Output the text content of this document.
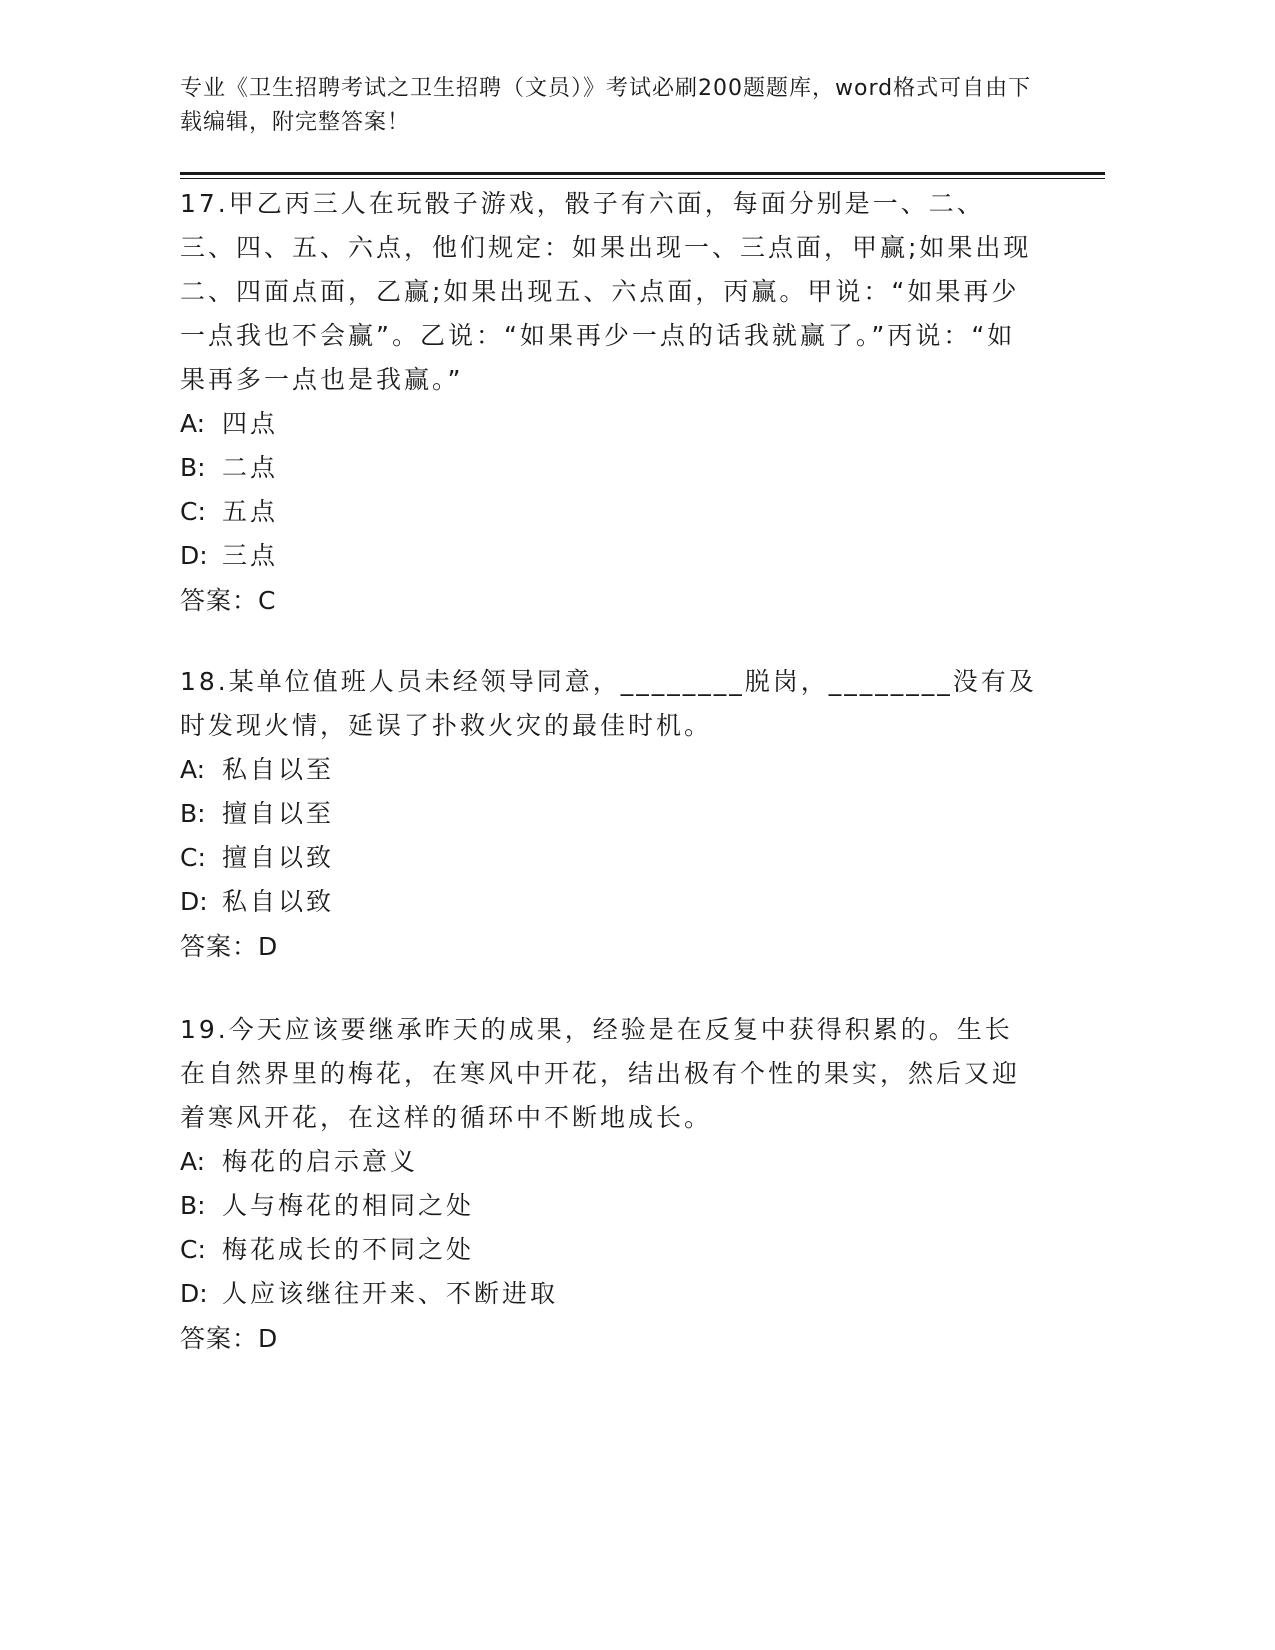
专业《卫生招聘考试之卫生招聘（文员）》考试必刷200题题库，word格式可自由下载编辑，附完整答案！
17.甲乙丙三人在玩骰子游戏，骰子有六面，每面分别是一、二、三、四、五、六点，他们规定：如果出现一、三点面，甲赢;如果出现二、四面点面，乙赢;如果出现五、六点面，丙赢。甲说：“如果再少一点我也不会赢”。乙说：“如果再少一点的话我就赢了。”丙说：“如果再多一点也是我赢。”
A: 四点
B: 二点
C: 五点
D: 三点
答案：C
18.某单位值班人员未经领导同意，________脱岗，________没有及时发现火情，延误了扑救火灾的最佳时机。
A: 私自以至
B: 擅自以至
C: 擅自以致
D: 私自以致
答案：D
19.今天应该要继承昨天的成果，经验是在反复中获得积累的。生长在自然界里的梅花，在寒风中开花，结出极有个性的果实，然后又迎着寒风开花，在这样的循环中不断地成长。
A: 梅花的启示意义
B: 人与梅花的相同之处
C: 梅花成长的不同之处
D: 人应该继往开来、不断进取
答案：D
